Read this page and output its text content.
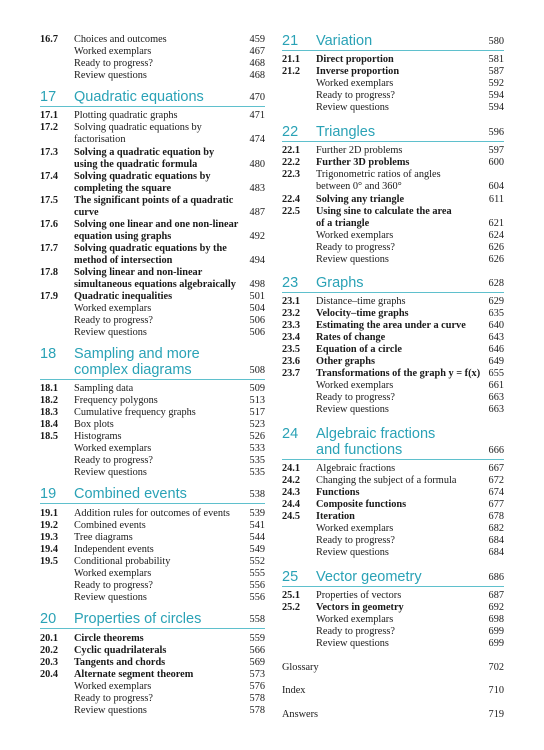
16.7	Choices and outcomes	459
Worked exemplars	467
Ready to progress?	468
Review questions	468
17 Quadratic equations	470
17.1	Plotting quadratic graphs	471
17.2	Solving quadratic equations by
factorisation	474
17.3	Solving a quadratic equation by
using the quadratic formula	480
17.4	Solving quadratic equations by
completing the square	483
17.5	The significant points of a quadratic
curve	487
17.6	Solving one linear and one non-linear
equation using graphs	492
17.7	Solving quadratic equations by the
method of intersection	494
17.8	Solving linear and non-linear
simultaneous equations algebraically	498
17.9	Quadratic inequalities	501
Worked exemplars	504
Ready to progress?	506
Review questions	506
18 Sampling and more
complex diagrams	508
18.1	Sampling data	509
18.2	Frequency polygons	513
18.3	Cumulative frequency graphs	517
18.4	Box plots	523
18.5	Histograms	526
Worked exemplars	533
Ready to progress?	535
Review questions	535
19 Combined events	538
19.1	Addition rules for outcomes of events	539
19.2	Combined events	541
19.3	Tree diagrams	544
19.4	Independent events	549
19.5	Conditional probability	552
Worked exemplars	555
Ready to progress?	556
Review questions	556
20 Properties of circles	558
20.1	Circle theorems	559
20.2	Cyclic quadrilaterals	566
20.3	Tangents and chords	569
20.4	Alternate segment theorem	573
Worked exemplars	576
Ready to progress?	578
Review questions	578
21 Variation	580
21.1	Direct proportion	581
21.2	Inverse proportion	587
Worked exemplars	592
Ready to progress?	594
Review questions	594
22 Triangles	596
22.1	Further 2D problems	597
22.2	Further 3D problems	600
22.3	Trigonometric ratios of angles
between 0° and 360°	604
22.4	Solving any triangle	611
22.5	Using sine to calculate the area
of a triangle	621
Worked exemplars	624
Ready to progress?	626
Review questions	626
23 Graphs	628
23.1	Distance–time graphs	629
23.2	Velocity–time graphs	635
23.3	Estimating the area under a curve	640
23.4	Rates of change	643
23.5	Equation of a circle	646
23.6	Other graphs	649
23.7	Transformations of the graph y = f(x) 655
Worked exemplars	661
Ready to progress?	663
Review questions	663
24 Algebraic fractions
and functions	666
24.1	Algebraic fractions	667
24.2	Changing the subject of a formula	672
24.3	Functions	674
24.4	Composite functions	677
24.5	Iteration	678
Worked exemplars	682
Ready to progress?	684
Review questions	684
25 Vector geometry	686
25.1	Properties of vectors	687
25.2	Vectors in geometry	692
Worked exemplars	698
Ready to progress?	699
Review questions	699
Glossary	702
Index	710
Answers	719
